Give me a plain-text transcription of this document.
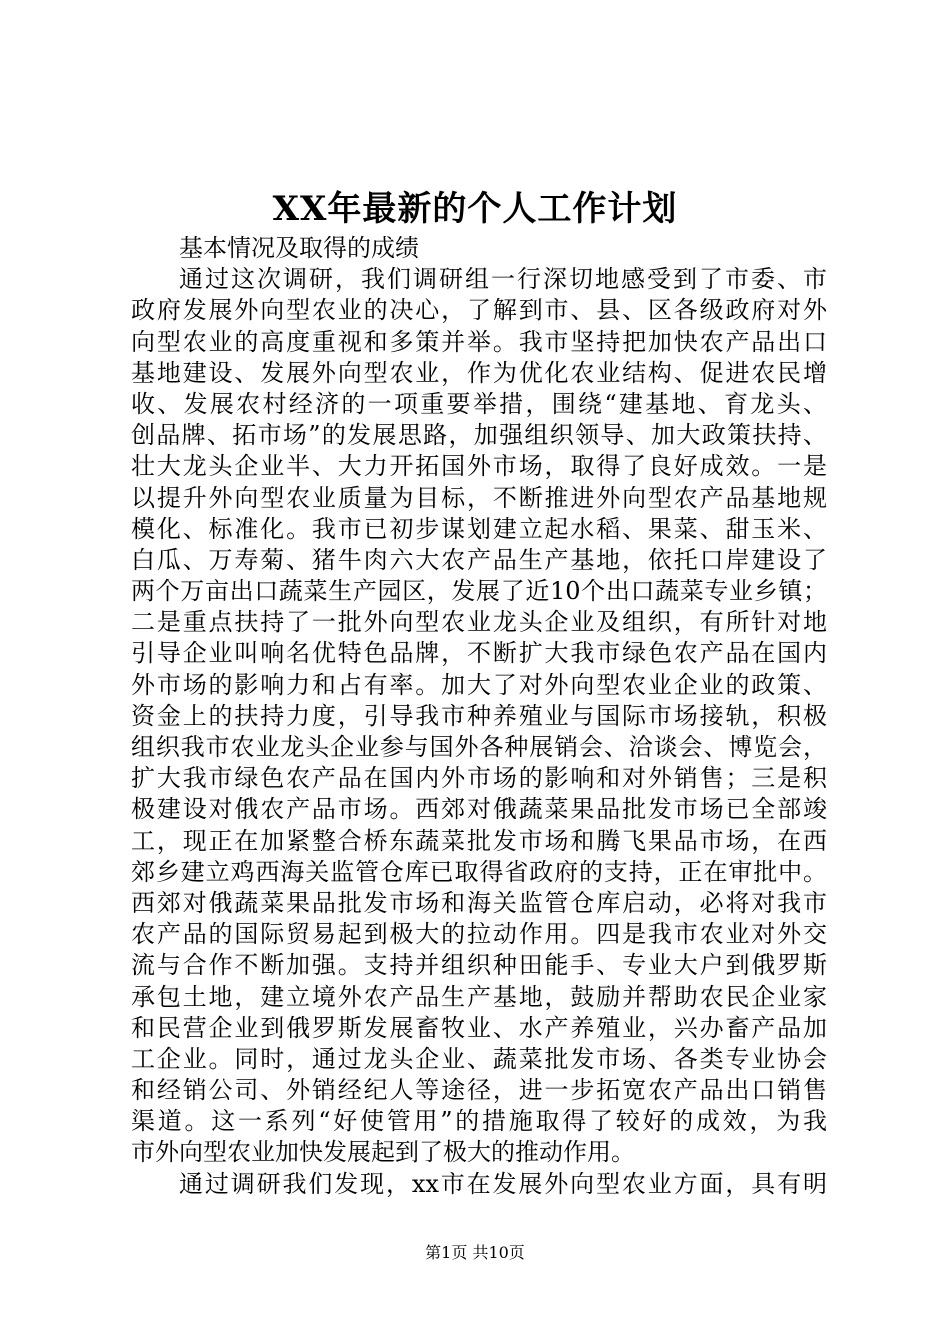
XX年最新的个人工作计划
基本情况及取得的成绩
通过这次调研，我们调研组一行深切地感受到了市委、市
政府发展外向型农业的决心，了解到市、县、区各级政府对外
向型农业的高度重视和多策并举。我市坚持把加快农产品出口
基地建设、发展外向型农业，作为优化农业结构、促进农民增
收、发展农村经济的一项重要举措，围绕“建基地、育龙头、
创品牌、拓市场”的发展思路，加强组织领导、加大政策扶持、
壮大龙头企业半、大力开拓国外市场，取得了良好成效。一是
以提升外向型农业质量为目标，不断推进外向型农产品基地规
模化、标准化。我市已初步谋划建立起水稻、果菜、甜玉米、
白瓜、万寿菊、猪牛肉六大农产品生产基地，依托口岸建设了
两个万亩出口蔬菜生产园区，发展了近10个出口蔬菜专业乡镇；
二是重点扶持了一批外向型农业龙头企业及组织，有所针对地
引导企业叫响名优特色品牌，不断扩大我市绿色农产品在国内
外市场的影响力和占有率。加大了对外向型农业企业的政策、
资金上的扶持力度，引导我市种养殖业与国际市场接轨，积极
组织我市农业龙头企业参与国外各种展销会、洽谈会、博览会，
扩大我市绿色农产品在国内外市场的影响和对外销售；三是积
极建设对俄农产品市场。西郊对俄蔬菜果品批发市场已全部竣
工，现正在加紧整合桥东蔬菜批发市场和腾飞果品市场，在西
郊乡建立鸡西海关监管仓库已取得省政府的支持，正在审批中。
西郊对俄蔬菜果品批发市场和海关监管仓库启动，必将对我市
农产品的国际贸易起到极大的拉动作用。四是我市农业对外交
流与合作不断加强。支持并组织种田能手、专业大户到俄罗斯
承包土地，建立境外农产品生产基地，鼓励并帮助农民企业家
和民营企业到俄罗斯发展畜牧业、水产养殖业，兴办畜产品加
工企业。同时，通过龙头企业、蔬菜批发市场、各类专业协会
和经销公司、外销经纪人等途径，进一步拓宽农产品出口销售
渠道。这一系列“好使管用”的措施取得了较好的成效，为我
市外向型农业加快发展起到了极大的推动作用。
通过调研我们发现，xx市在发展外向型农业方面，具有明
第1页 共10页
